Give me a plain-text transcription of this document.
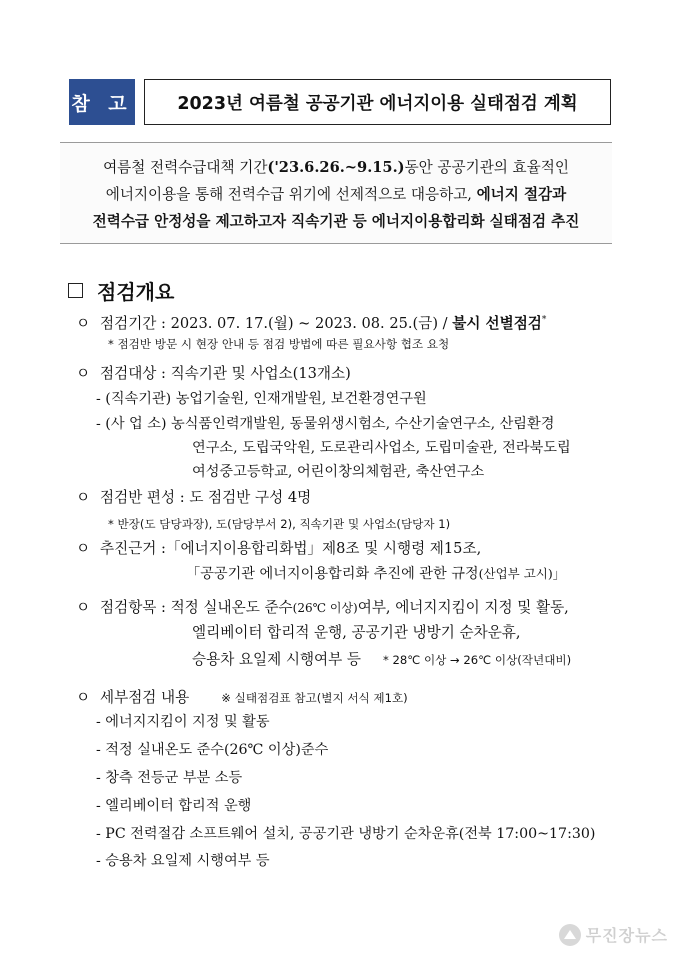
참 고	2023년 여름철 공공기관 에너지이용 실태점검 계획
여름철 전력수급대책 기간('23.6.26.~9.15.)동안 공공기관의 효율적인
에너지이용을 통해 전력수급 위기에 선제적으로 대응하고, 에너지 절감과
전력수급 안정성을 제고하고자 직속기관 등 에너지이용합리화 실태점검 추진
점검개요
ㅇ 점검기간 : 2023. 07. 17.(월) ~ 2023. 08. 25.(금) / 불시 선별점검*
* 점검반 방문 시 현장 안내 등 점검 방법에 따른 필요사항 협조 요청
ㅇ 점검대상 : 직속기관 및 사업소(13개소)
- (직속기관) 농업기술원, 인재개발원, 보건환경연구원
- (사 업 소) 농식품인력개발원, 동물위생시험소, 수산기술연구소, 산림환경
연구소, 도립국악원, 도로관리사업소, 도립미술관, 전라북도립
여성중고등학교, 어린이창의체험관, 축산연구소
ㅇ 점검반 편성 : 도 점검반 구성 4명
* 반장(도 담당과장), 도(담당부서 2), 직속기관 및 사업소(담당자 1)
ㅇ 추진근거 :「에너지이용합리화법」제8조 및 시행령 제15조,
「공공기관 에너지이용합리화 추진에 관한 규정(산업부 고시)」
ㅇ 점검항목 : 적정 실내온도 준수(26℃ 이상)여부, 에너지지킴이 지정 및 활동,
엘리베이터 합리적 운행, 공공기관 냉방기 순차운휴,
승용차 요일제 시행여부 등 * 28℃ 이상 → 26℃ 이상(작년대비)
ㅇ 세부점검 내용	※ 실태점검표 참고(별지 서식 제1호)
- 에너지지킴이 지정 및 활동
- 적정 실내온도 준수(26℃ 이상)준수
- 창측 전등군 부분 소등
- 엘리베이터 합리적 운행
- PC 전력절감 소프트웨어 설치, 공공기관 냉방기 순차운휴(전북 17:00~17:30)
- 승용차 요일제 시행여부 등
무진장뉴스
